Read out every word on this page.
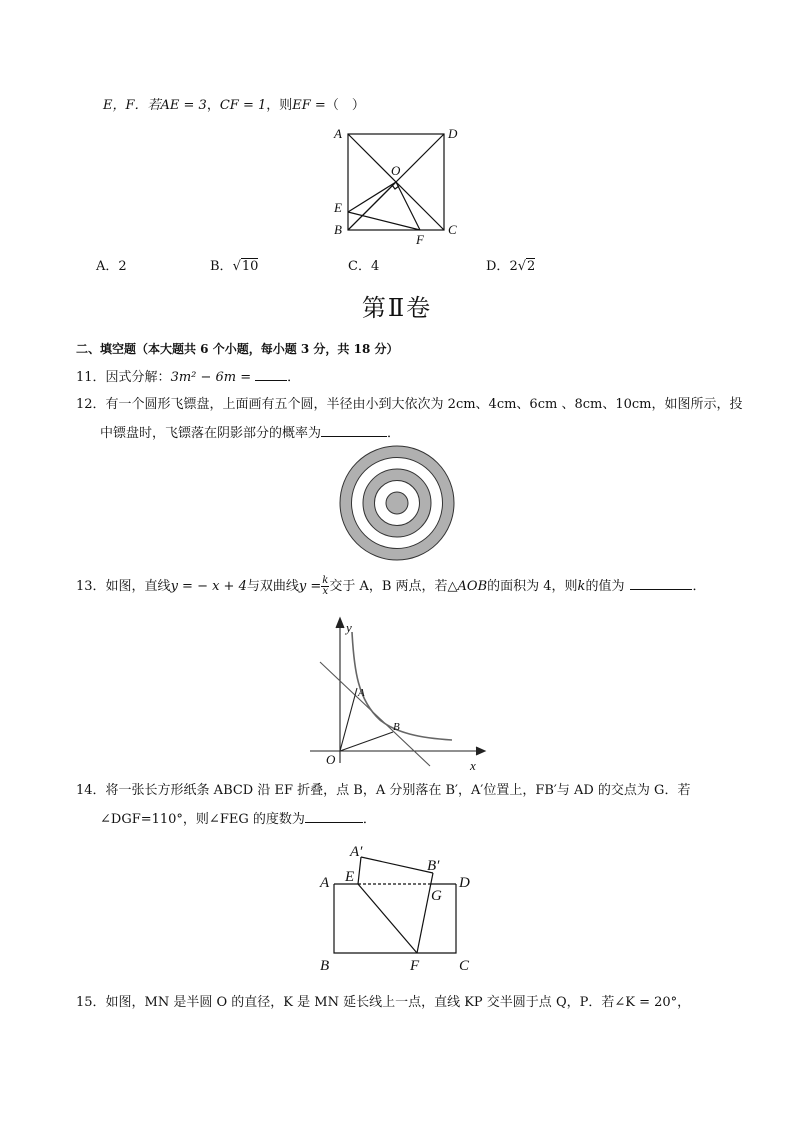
E，F．若AE = 3，CF = 1，则EF =（　）
A	D
O
E
B
F
C
A．2	B．√10	C．4	D．2√2
第Ⅱ卷
二、填空题（本大题共 6 个小题，每小题 3 分，共 18 分）
11．因式分解：3m² − 6m =	．
12．有一个圆形飞镖盘，上面画有五个圆，半径由小到大依次为 2cm、4cm、6cm 、8cm、10cm，如图所示，投
中镖盘时，飞镖落在阴影部分的概率为	．
13．如图，直线y = − x + 4与双曲线$y = \frac{k}{x}$ 交于 A，B 两点，若△AOB的面积为 4，则k的值为	．
y
x
O
A
B
14．将一张长方形纸条 ABCD 沿 EF 折叠，点 B，A 分别落在 B′，A′位置上，FB′与 AD 的交点为 G．若
∠DGF=110°，则∠FEG 的度数为	．
A′
B′
A E	D
G
B	F	C
15．如图，MN 是半圆 O 的直径，K 是 MN 延长线上一点，直线 KP 交半圆于点 Q，P．若∠K = 20°，
